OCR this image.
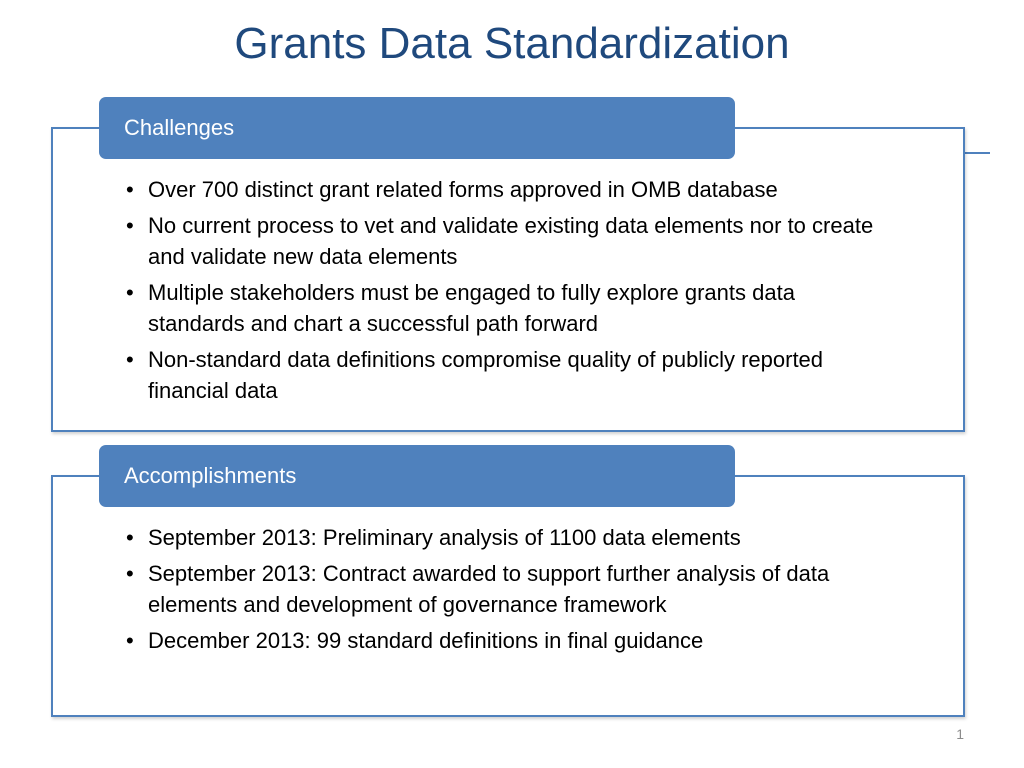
Grants Data Standardization
Challenges
• Over 700 distinct grant related forms approved in OMB database
• No current process to vet and validate existing data elements nor to create and validate new data elements
• Multiple stakeholders must be engaged to fully explore grants data standards and chart a successful path forward
• Non-standard data definitions compromise quality of publicly reported financial data
Accomplishments
• September 2013: Preliminary analysis of 1100 data elements
• September 2013: Contract awarded to support further analysis of data elements and development of governance framework
• December 2013: 99 standard definitions in final guidance
1
